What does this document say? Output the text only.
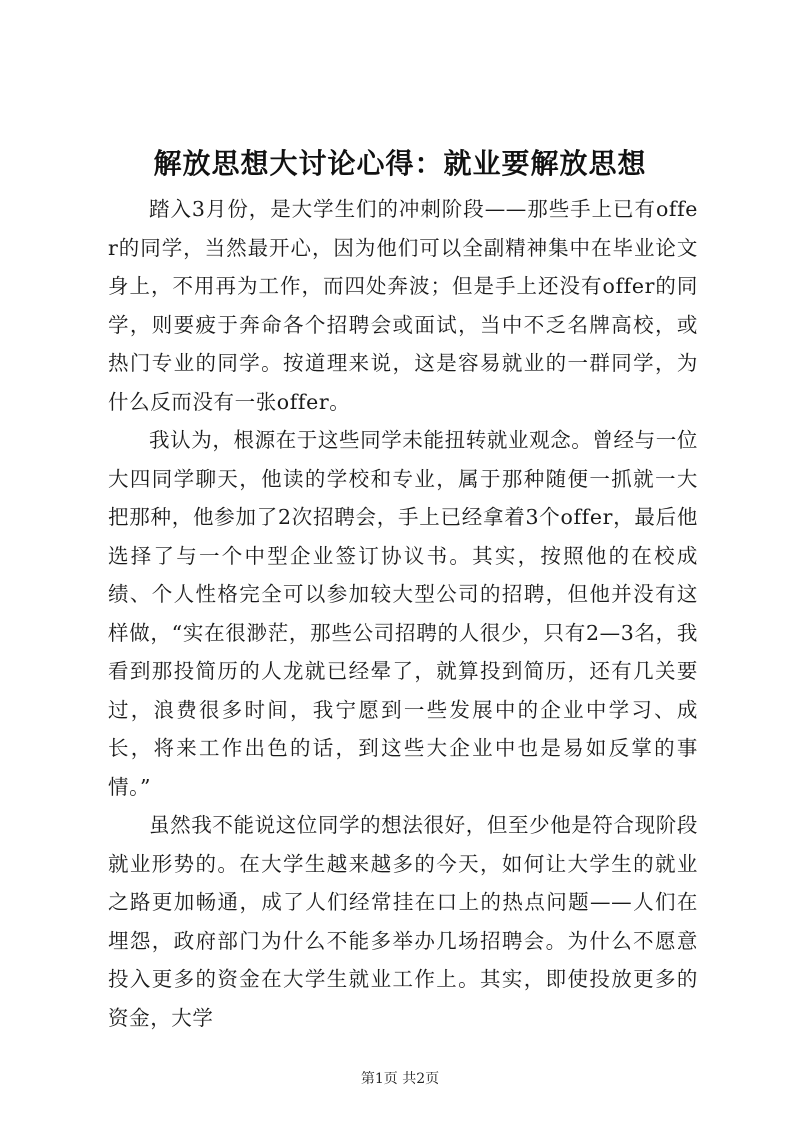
解放思想大讨论心得：就业要解放思想

踏入3月份，是大学生们的冲刺阶段——那些手上已有offer的同学，当然最开心，因为他们可以全副精神集中在毕业论文身上，不用再为工作，而四处奔波；但是手上还没有offer的同学，则要疲于奔命各个招聘会或面试，当中不乏名牌高校，或热门专业的同学。按道理来说，这是容易就业的一群同学，为什么反而没有一张offer。

我认为，根源在于这些同学未能扭转就业观念。曾经与一位大四同学聊天，他读的学校和专业，属于那种随便一抓就一大把那种，他参加了2次招聘会，手上已经拿着3个offer，最后他选择了与一个中型企业签订协议书。其实，按照他的在校成绩、个人性格完全可以参加较大型公司的招聘，但他并没有这样做，“实在很渺茫，那些公司招聘的人很少，只有2—3名，我看到那投简历的人龙就已经晕了，就算投到简历，还有几关要过，浪费很多时间，我宁愿到一些发展中的企业中学习、成长，将来工作出色的话，到这些大企业中也是易如反掌的事情。”

虽然我不能说这位同学的想法很好，但至少他是符合现阶段就业形势的。在大学生越来越多的今天，如何让大学生的就业之路更加畅通，成了人们经常挂在口上的热点问题——人们在埋怨，政府部门为什么不能多举办几场招聘会。为什么不愿意投入更多的资金在大学生就业工作上。其实，即使投放更多的资金，大学

第1页 共2页
